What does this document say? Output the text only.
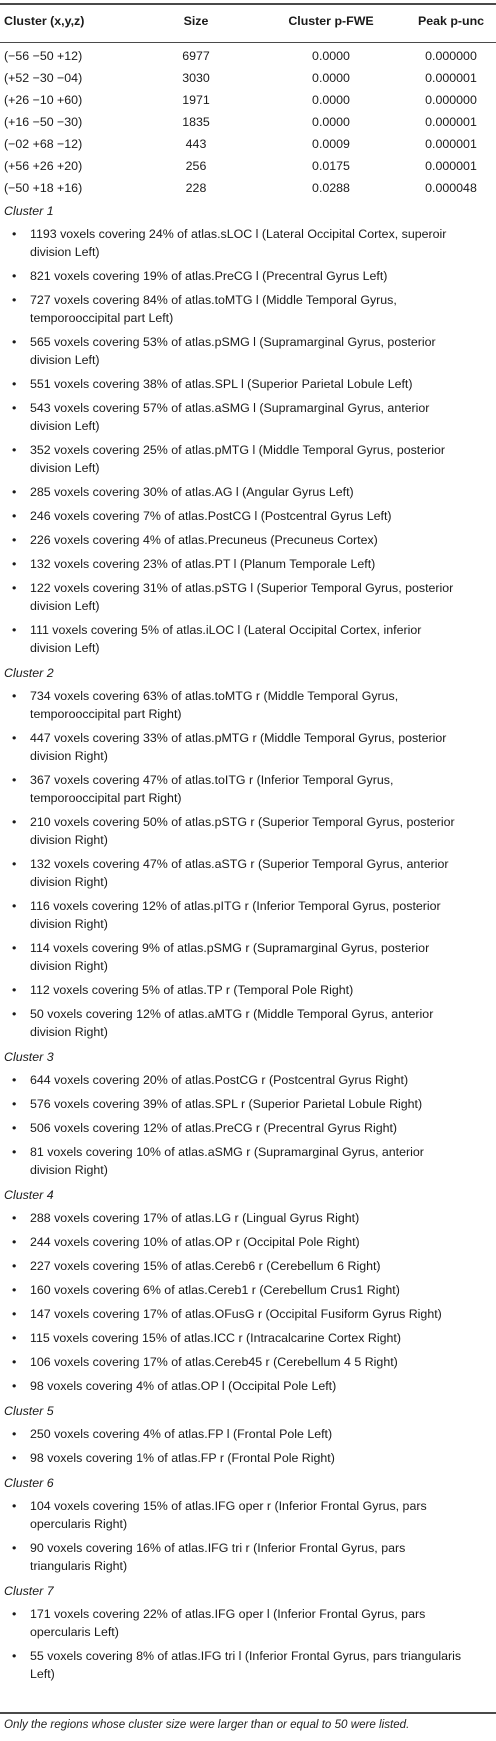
Cluster (x,y,z)	Size	Cluster p-FWE	Peak p-unc
(−56 −50 +12)	6977	0.0000	0.000000
(+52 −30 −04)	3030	0.0000	0.000001
(+26 −10 +60)	1971	0.0000	0.000000
(+16 −50 −30)	1835	0.0000	0.000001
(−02 +68 −12)	443	0.0009	0.000001
(+56 +26 +20)	256	0.0175	0.000001
(−50 +18 +16)	228	0.0288	0.000048
Cluster 1
• 1193 voxels covering 24% of atlas.sLOC l (Lateral Occipital Cortex, superoir division Left)
• 821 voxels covering 19% of atlas.PreCG l (Precentral Gyrus Left)
• 727 voxels covering 84% of atlas.toMTG l (Middle Temporal Gyrus, temporooccipital part Left)
• 565 voxels covering 53% of atlas.pSMG l (Supramarginal Gyrus, posterior division Left)
• 551 voxels covering 38% of atlas.SPL l (Superior Parietal Lobule Left)
• 543 voxels covering 57% of atlas.aSMG l (Supramarginal Gyrus, anterior division Left)
• 352 voxels covering 25% of atlas.pMTG l (Middle Temporal Gyrus, posterior division Left)
• 285 voxels covering 30% of atlas.AG l (Angular Gyrus Left)
• 246 voxels covering 7% of atlas.PostCG l (Postcentral Gyrus Left)
• 226 voxels covering 4% of atlas.Precuneus (Precuneus Cortex)
• 132 voxels covering 23% of atlas.PT l (Planum Temporale Left)
• 122 voxels covering 31% of atlas.pSTG l (Superior Temporal Gyrus, posterior division Left)
• 111 voxels covering 5% of atlas.iLOC l (Lateral Occipital Cortex, inferior division Left)
Cluster 2
• 734 voxels covering 63% of atlas.toMTG r (Middle Temporal Gyrus, temporooccipital part Right)
• 447 voxels covering 33% of atlas.pMTG r (Middle Temporal Gyrus, posterior division Right)
• 367 voxels covering 47% of atlas.toITG r (Inferior Temporal Gyrus, temporooccipital part Right)
• 210 voxels covering 50% of atlas.pSTG r (Superior Temporal Gyrus, posterior division Right)
• 132 voxels covering 47% of atlas.aSTG r (Superior Temporal Gyrus, anterior division Right)
• 116 voxels covering 12% of atlas.pITG r (Inferior Temporal Gyrus, posterior division Right)
• 114 voxels covering 9% of atlas.pSMG r (Supramarginal Gyrus, posterior division Right)
• 112 voxels covering 5% of atlas.TP r (Temporal Pole Right)
• 50 voxels covering 12% of atlas.aMTG r (Middle Temporal Gyrus, anterior division Right)
Cluster 3
• 644 voxels covering 20% of atlas.PostCG r (Postcentral Gyrus Right)
• 576 voxels covering 39% of atlas.SPL r (Superior Parietal Lobule Right)
• 506 voxels covering 12% of atlas.PreCG r (Precentral Gyrus Right)
• 81 voxels covering 10% of atlas.aSMG r (Supramarginal Gyrus, anterior division Right)
Cluster 4
• 288 voxels covering 17% of atlas.LG r (Lingual Gyrus Right)
• 244 voxels covering 10% of atlas.OP r (Occipital Pole Right)
• 227 voxels covering 15% of atlas.Cereb6 r (Cerebellum 6 Right)
• 160 voxels covering 6% of atlas.Cereb1 r (Cerebellum Crus1 Right)
• 147 voxels covering 17% of atlas.OFusG r (Occipital Fusiform Gyrus Right)
• 115 voxels covering 15% of atlas.ICC r (Intracalcarine Cortex Right)
• 106 voxels covering 17% of atlas.Cereb45 r (Cerebellum 4 5 Right)
• 98 voxels covering 4% of atlas.OP l (Occipital Pole Left)
Cluster 5
• 250 voxels covering 4% of atlas.FP l (Frontal Pole Left)
• 98 voxels covering 1% of atlas.FP r (Frontal Pole Right)
Cluster 6
• 104 voxels covering 15% of atlas.IFG oper r (Inferior Frontal Gyrus, pars opercularis Right)
• 90 voxels covering 16% of atlas.IFG tri r (Inferior Frontal Gyrus, pars triangularis Right)
Cluster 7
• 171 voxels covering 22% of atlas.IFG oper l (Inferior Frontal Gyrus, pars opercularis Left)
• 55 voxels covering 8% of atlas.IFG tri l (Inferior Frontal Gyrus, pars triangularis Left)
Only the regions whose cluster size were larger than or equal to 50 were listed.
